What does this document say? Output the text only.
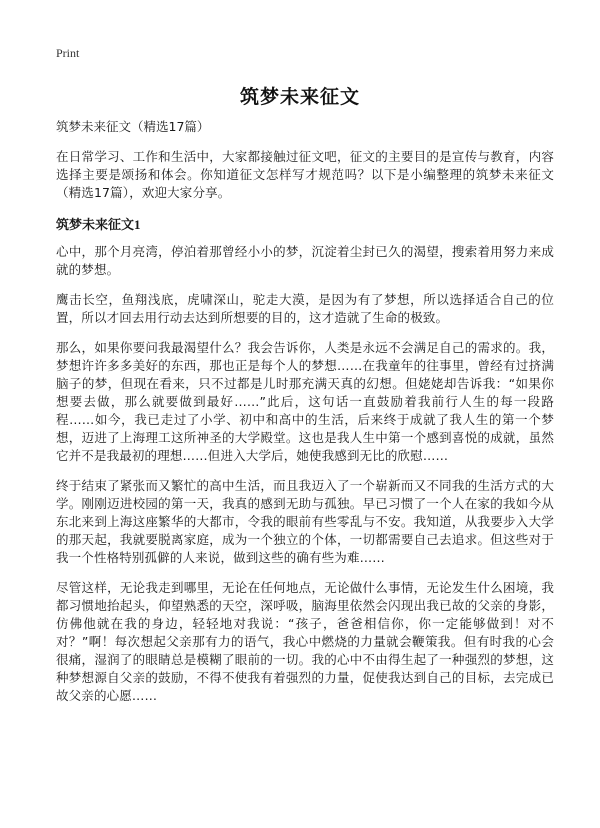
Print
筑梦未来征文

筑梦未来征文（精选17篇）

在日常学习、工作和生活中，大家都接触过征文吧，征文的主要目的是宣传与教育，内容选择主要是颂扬和体会。你知道征文怎样写才规范吗？以下是小编整理的筑梦未来征文（精选17篇），欢迎大家分享。

筑梦未来征文1

心中，那个月亮湾，停泊着那曾经小小的梦，沉淀着尘封已久的渴望，搜索着用努力来成就的梦想。

鹰击长空，鱼翔浅底，虎啸深山，驼走大漠，是因为有了梦想，所以选择适合自己的位置，所以才回去用行动去达到所想要的目的，这才造就了生命的极致。

那么，如果你要问我最渴望什么？我会告诉你，人类是永远不会满足自己的需求的。我，梦想许许多多美好的东西，那也正是每个人的梦想……在我童年的往事里，曾经有过挤满脑子的梦，但现在看来，只不过都是儿时那充满天真的幻想。但姥姥却告诉我：“如果你想要去做，那么就要做到最好……”此后，这句话一直鼓励着我前行人生的每一段路程……如今，我已走过了小学、初中和高中的生活，后来终于成就了我人生的第一个梦想，迈进了上海理工这所神圣的大学殿堂。这也是我人生中第一个感到喜悦的成就，虽然它并不是我最初的理想……但进入大学后，她使我感到无比的欣慰……

终于结束了紧张而又繁忙的高中生活，而且我迈入了一个崭新而又不同我的生活方式的大学。刚刚迈进校园的第一天，我真的感到无助与孤独。早已习惯了一个人在家的我如今从东北来到上海这座繁华的大都市，令我的眼前有些零乱与不安。我知道，从我要步入大学的那天起，我就要脱离家庭，成为一个独立的个体，一切都需要自己去追求。但这些对于我一个性格特别孤僻的人来说，做到这些的确有些为难……

尽管这样，无论我走到哪里，无论在任何地点，无论做什么事情，无论发生什么困境，我都习惯地抬起头，仰望熟悉的天空，深呼吸，脑海里依然会闪现出我已故的父亲的身影，仿佛他就在我的身边，轻轻地对我说：“孩子，爸爸相信你，你一定能够做到！对不对？”啊！每次想起父亲那有力的语气，我心中燃烧的力量就会鞭策我。但有时我的心会很痛，湿润了的眼睛总是模糊了眼前的一切。我的心中不由得生起了一种强烈的梦想，这种梦想源自父亲的鼓励，不得不使我有着强烈的力量，促使我达到自己的目标，去完成已故父亲的心愿……
